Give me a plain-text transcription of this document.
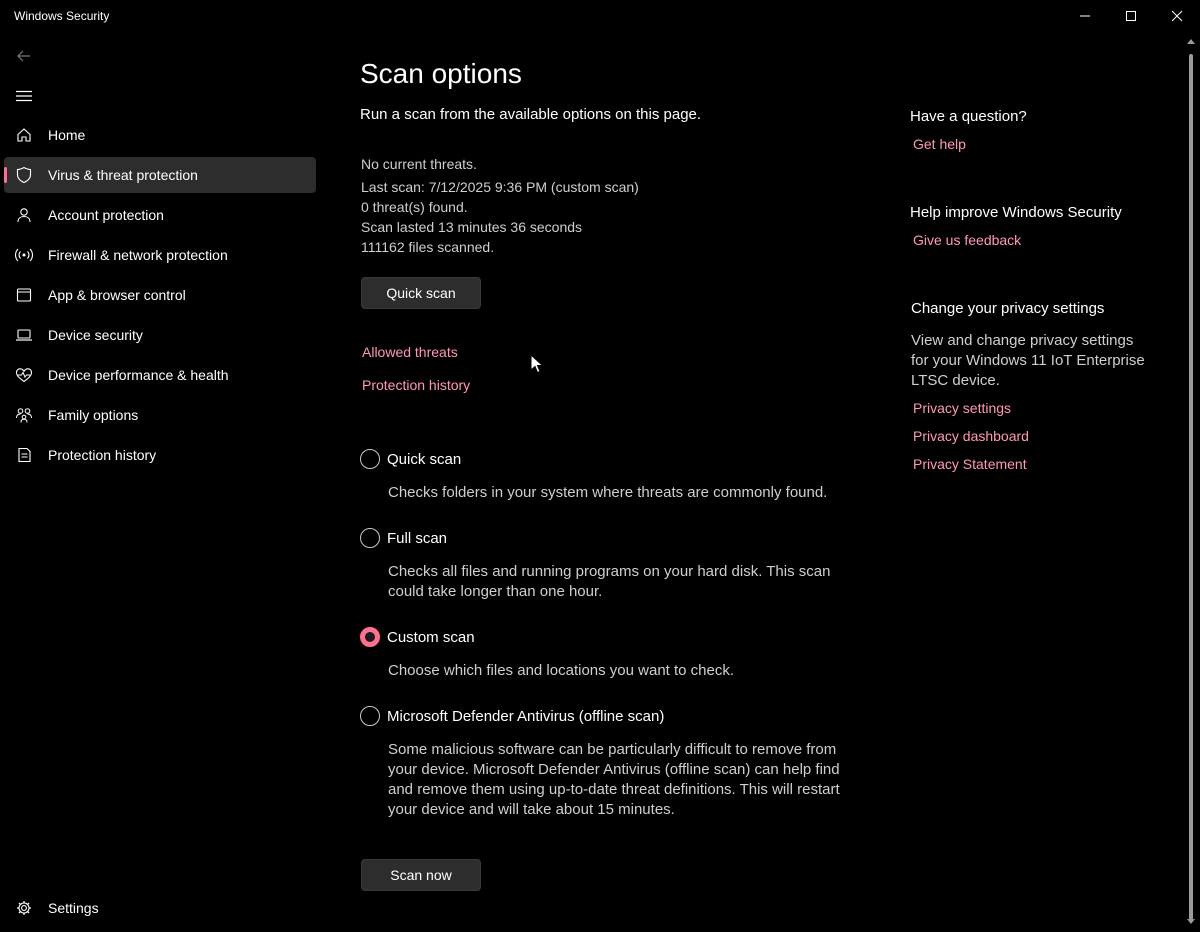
Windows Security
Home
Virus & threat protection
Account protection
Firewall & network protection
App & browser control
Device security
Device performance & health
Family options
Protection history
Settings
Scan options
Run a scan from the available options on this page.
No current threats.
Last scan: 7/12/2025 9:36 PM (custom scan)
0 threat(s) found.
Scan lasted 13 minutes 36 seconds
111162 files scanned.
Quick scan
Allowed threats
Protection history
Quick scan
Checks folders in your system where threats are commonly found.
Full scan
Checks all files and running programs on your hard disk. This scan could take longer than one hour.
Custom scan
Choose which files and locations you want to check.
Microsoft Defender Antivirus (offline scan)
Some malicious software can be particularly difficult to remove from your device. Microsoft Defender Antivirus (offline scan) can help find and remove them using up-to-date threat definitions. This will restart your device and will take about 15 minutes.
Scan now
Have a question?
Get help
Help improve Windows Security
Give us feedback
Change your privacy settings
View and change privacy settings for your Windows 11 IoT Enterprise LTSC device.
Privacy settings
Privacy dashboard
Privacy Statement
